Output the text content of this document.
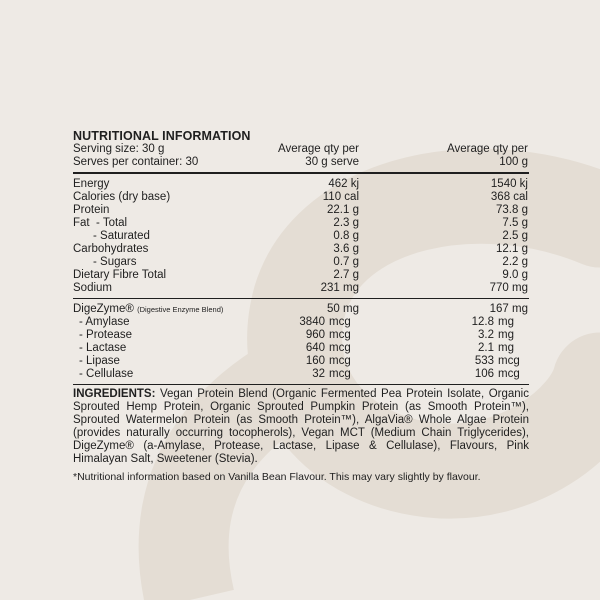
NUTRITIONAL INFORMATION
Serving size: 30 g	Average qty per	Average qty per
Serves per container: 30	30 g serve	100 g
Energy	462 kj	1540 kj
Calories (dry base)	110 cal	368 cal
Protein	22.1 g	73.8 g
Fat  - Total	2.3 g	7.5 g
- Saturated	0.8 g	2.5 g
Carbohydrates	3.6 g	12.1 g
- Sugars	0.7 g	2.2 g
Dietary Fibre Total	2.7 g	9.0 g
Sodium	231 mg	770 mg
DigeZyme® (Digestive Enzyme Blend)	50 mg	167 mg
- Amylase	3840 mcg	12.8 mg
- Protease	960 mcg	3.2 mg
- Lactase	640 mcg	2.1 mg
- Lipase	160 mcg	533 mcg
- Cellulase	32 mcg	106 mcg
INGREDIENTS: Vegan Protein Blend (Organic Fermented Pea Protein Isolate, Organic Sprouted Hemp Protein, Organic Sprouted Pumpkin Protein (as Smooth Protein™), Sprouted Watermelon Protein (as Smooth Protein™), AlgaVia® Whole Algae Protein (provides naturally occurring tocopherols), Vegan MCT (Medium Chain Triglycerides), DigeZyme® (a-Amylase, Protease, Lactase, Lipase & Cellulase), Flavours, Pink Himalayan Salt, Sweetener (Stevia).
*Nutritional information based on Vanilla Bean Flavour. This may vary slightly by flavour.
